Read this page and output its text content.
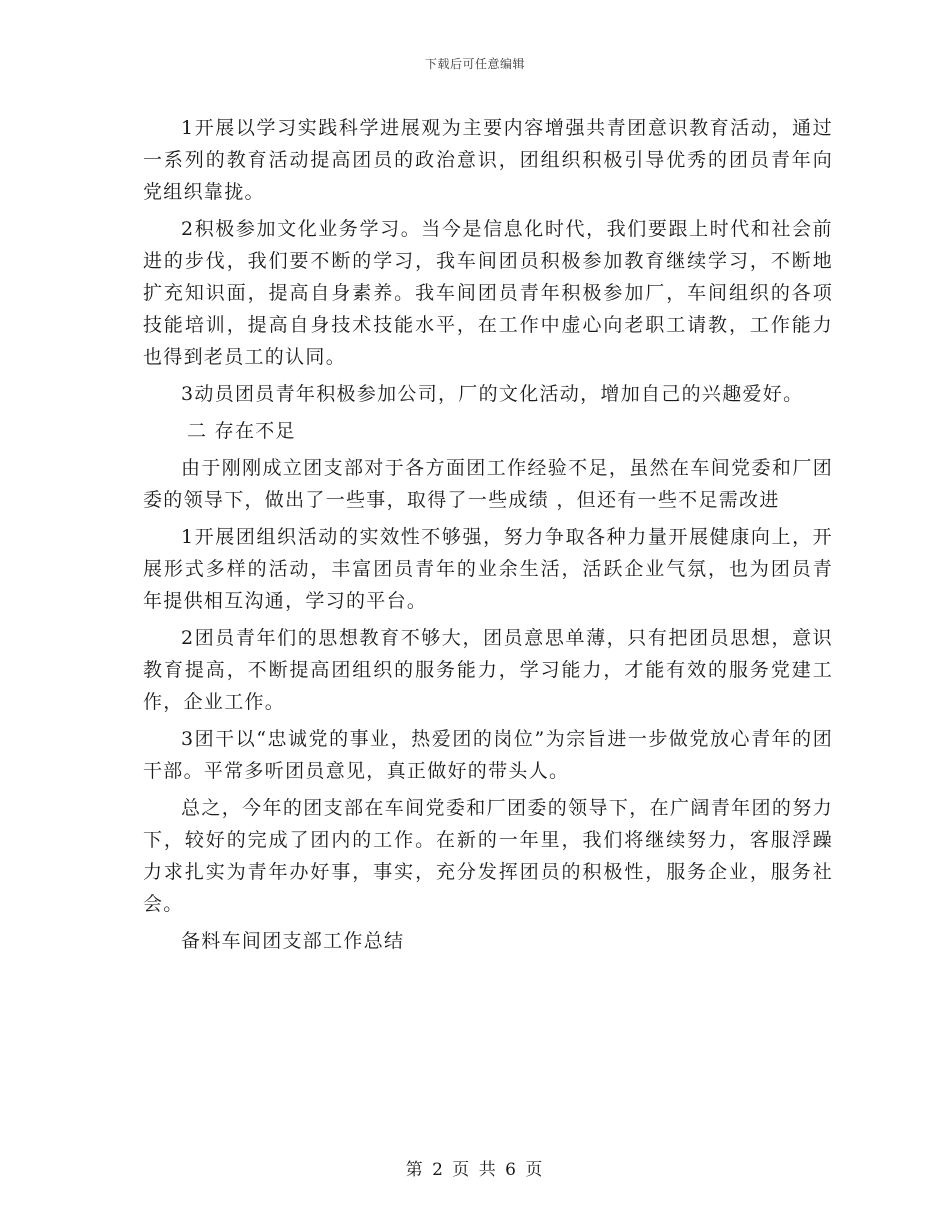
下载后可任意编辑

1开展以学习实践科学进展观为主要内容增强共青团意识教育活动，通过一系列的教育活动提高团员的政治意识，团组织积极引导优秀的团员青年向党组织靠拢。

2积极参加文化业务学习。当今是信息化时代，我们要跟上时代和社会前进的步伐，我们要不断的学习，我车间团员积极参加教育继续学习，不断地扩充知识面，提高自身素养。我车间团员青年积极参加厂，车间组织的各项技能培训，提高自身技术技能水平，在工作中虚心向老职工请教，工作能力也得到老员工的认同。

3动员团员青年积极参加公司，厂的文化活动，增加自己的兴趣爱好。

二 存在不足

由于刚刚成立团支部对于各方面团工作经验不足，虽然在车间党委和厂团委的领导下，做出了一些事，取得了一些成绩 ，但还有一些不足需改进

1开展团组织活动的实效性不够强，努力争取各种力量开展健康向上，开展形式多样的活动，丰富团员青年的业余生活，活跃企业气氛，也为团员青年提供相互沟通，学习的平台。

2团员青年们的思想教育不够大，团员意思单薄，只有把团员思想，意识教育提高，不断提高团组织的服务能力，学习能力，才能有效的服务党建工作，企业工作。

3团干以“忠诚党的事业，热爱团的岗位”为宗旨进一步做党放心青年的团干部。平常多听团员意见，真正做好的带头人。

总之，今年的团支部在车间党委和厂团委的领导下，在广阔青年团的努力下，较好的完成了团内的工作。在新的一年里，我们将继续努力，客服浮躁力求扎实为青年办好事，事实，充分发挥团员的积极性，服务企业，服务社会。

备料车间团支部工作总结

第 2 页 共 6 页
